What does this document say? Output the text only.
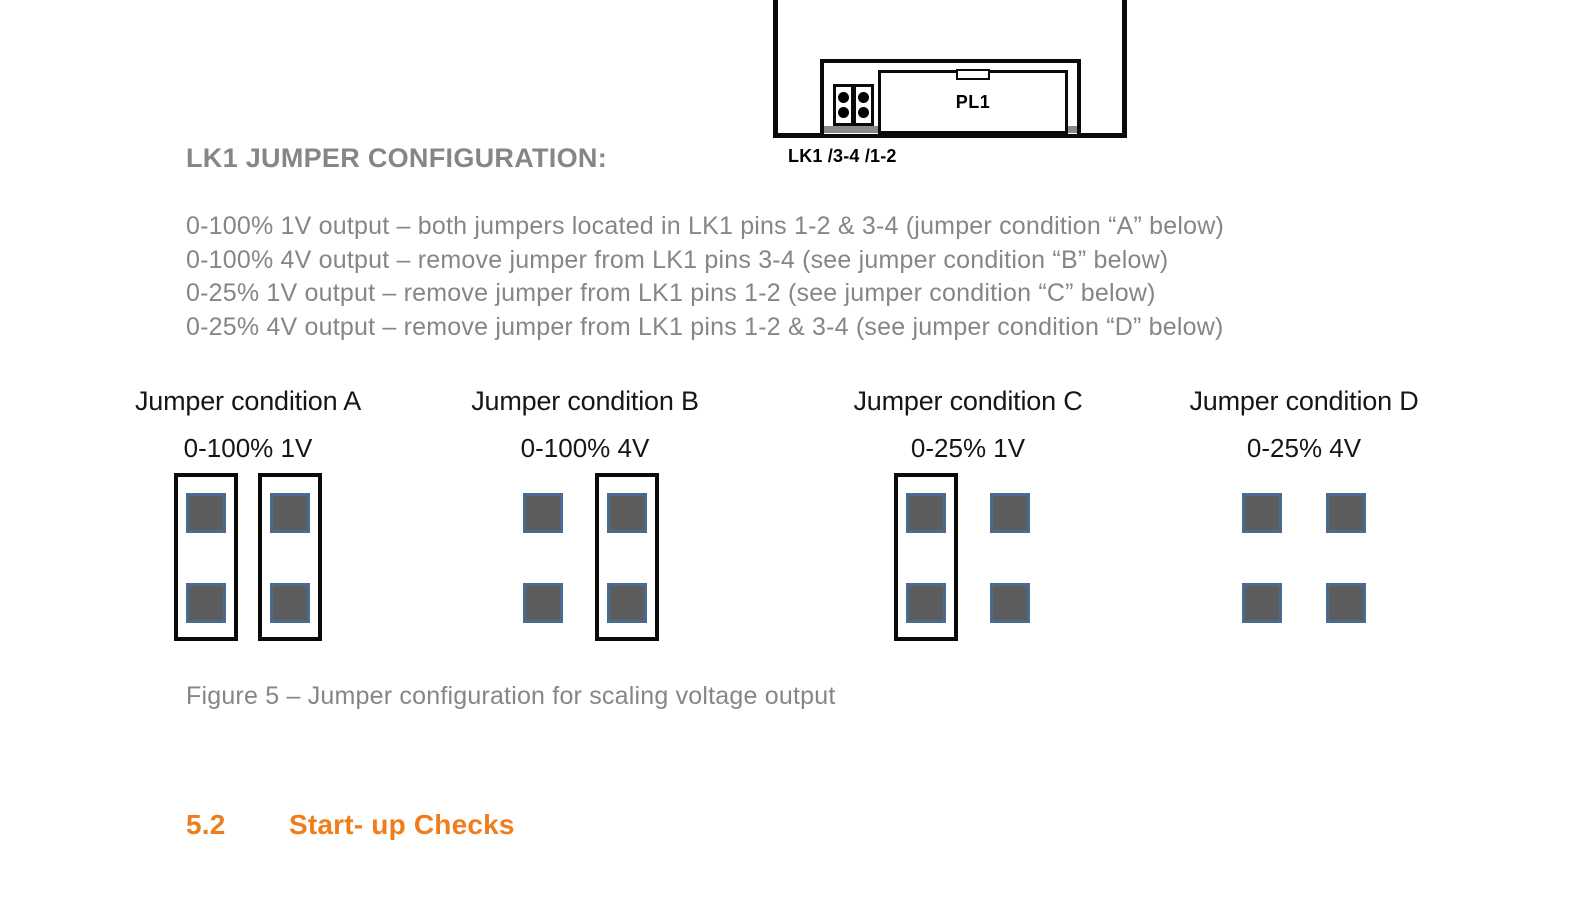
PL1
LK1 /3-4 /1-2
LK1 JUMPER CONFIGURATION:
0-100% 1V output – both jumpers located in LK1 pins 1-2 & 3-4 (jumper condition “A” below)
0-100% 4V output – remove jumper from LK1 pins 3-4 (see jumper condition “B” below)
0-25% 1V output – remove jumper from LK1 pins 1-2 (see jumper condition “C” below)
0-25% 4V output – remove jumper from LK1 pins 1-2 & 3-4 (see jumper condition “D” below)
Jumper condition A
0-100% 1V
Jumper condition B
0-100% 4V
Jumper condition C
0-25% 1V
Jumper condition D
0-25% 4V
Figure 5 – Jumper configuration for scaling voltage output
5.2 Start- up Checks
